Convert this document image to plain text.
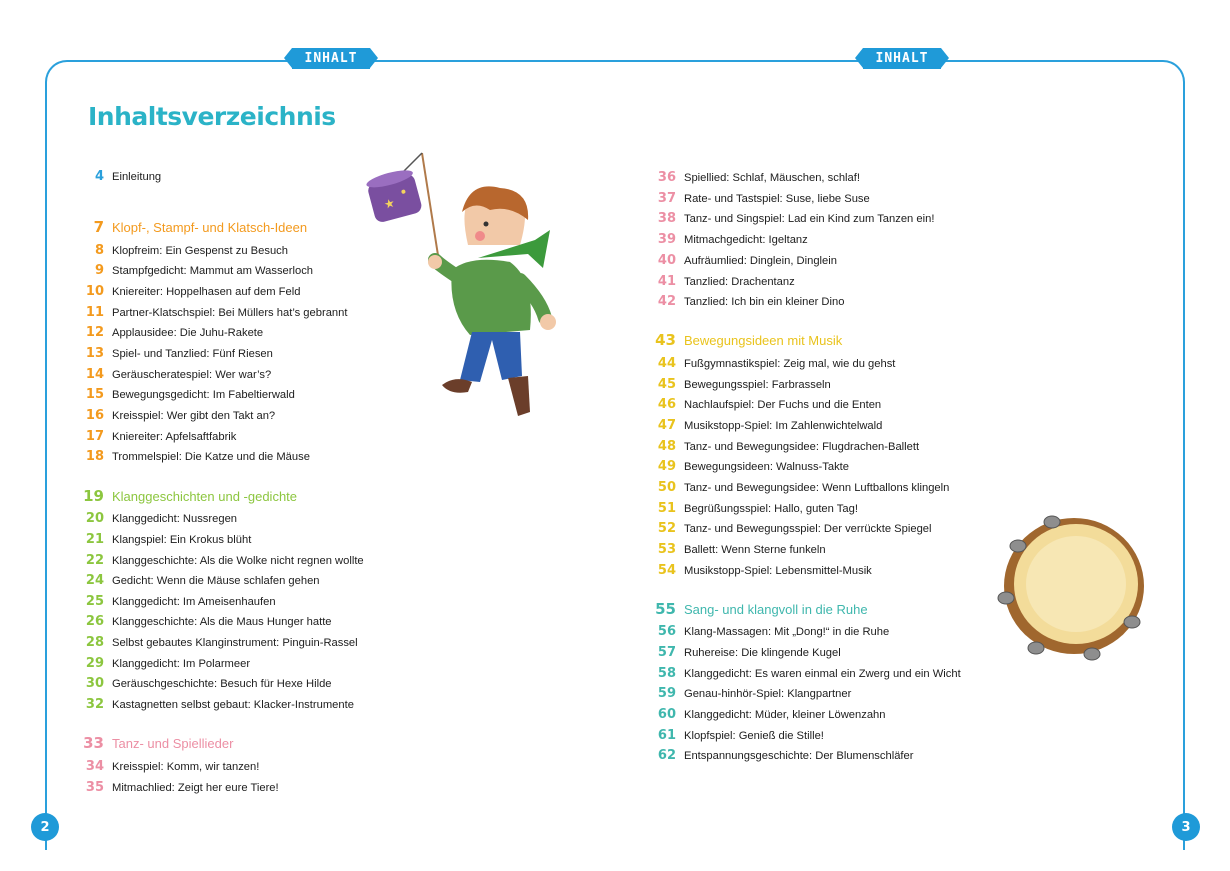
INHALT	INHALT
Inhaltsverzeichnis
4 Einleitung
7 Klopf-, Stampf- und Klatsch-Ideen
8 Klopfreim: Ein Gespenst zu Besuch
9 Stampfgedicht: Mammut am Wasserloch
10 Kniereiter: Hoppelhasen auf dem Feld
11 Partner-Klatschspiel: Bei Müllers hat’s gebrannt
12 Applausidee: Die Juhu-Rakete
13 Spiel- und Tanzlied: Fünf Riesen
14 Geräuscheratespiel: Wer war’s?
15 Bewegungsgedicht: Im Fabeltierwald
16 Kreisspiel: Wer gibt den Takt an?
17 Kniereiter: Apfelsaftfabrik
18 Trommelspiel: Die Katze und die Mäuse
19 Klanggeschichten und -gedichte
20 Klanggedicht: Nussregen
21 Klangspiel: Ein Krokus blüht
22 Klanggeschichte: Als die Wolke nicht regnen wollte
24 Gedicht: Wenn die Mäuse schlafen gehen
25 Klanggedicht: Im Ameisenhaufen
26 Klanggeschichte: Als die Maus Hunger hatte
28 Selbst gebautes Klanginstrument: Pinguin-Rassel
29 Klanggedicht: Im Polarmeer
30 Geräuschgeschichte: Besuch für Hexe Hilde
32 Kastagnetten selbst gebaut: Klacker-Instrumente
33 Tanz- und Spiellieder
34 Kreisspiel: Komm, wir tanzen!
35 Mitmachlied: Zeigt her eure Tiere!
36 Spiellied: Schlaf, Mäuschen, schlaf!
37 Rate- und Tastspiel: Suse, liebe Suse
38 Tanz- und Singspiel: Lad ein Kind zum Tanzen ein!
39 Mitmachgedicht: Igeltanz
40 Aufräumlied: Dinglein, Dinglein
41 Tanzlied: Drachentanz
42 Tanzlied: Ich bin ein kleiner Dino
43 Bewegungsideen mit Musik
44 Fußgymnastikspiel: Zeig mal, wie du gehst
45 Bewegungsspiel: Farbrasseln
46 Nachlaufspiel: Der Fuchs und die Enten
47 Musikstopp-Spiel: Im Zahlenwichtelwald
48 Tanz- und Bewegungsidee: Flugdrachen-Ballett
49 Bewegungsideen: Walnuss-Takte
50 Tanz- und Bewegungsidee: Wenn Luftballons klingeln
51 Begrüßungsspiel: Hallo, guten Tag!
52 Tanz- und Bewegungsspiel: Der verrückte Spiegel
53 Ballett: Wenn Sterne funkeln
54 Musikstopp-Spiel: Lebensmittel-Musik
55 Sang- und klangvoll in die Ruhe
56 Klang-Massagen: Mit „Dong!“ in die Ruhe
57 Ruhereise: Die klingende Kugel
58 Klanggedicht: Es waren einmal ein Zwerg und ein Wicht
59 Genau-hinhör-Spiel: Klangpartner
60 Klanggedicht: Müder, kleiner Löwenzahn
61 Klopfspiel: Genieß die Stille!
62 Entspannungsgeschichte: Der Blumenschläfer
★
2	3
